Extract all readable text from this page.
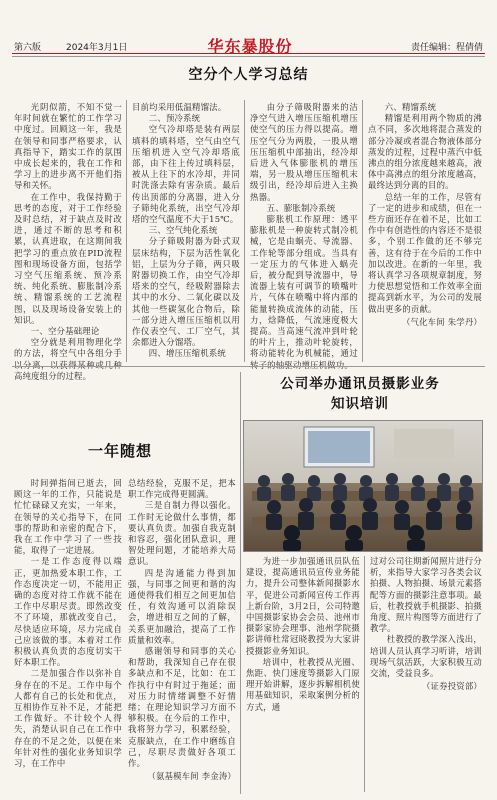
第六版	2024年3月1日	华东暴股份	责任编辑：程倩倩
空分个人学习总结

光阴似箭，不知不觉一年时间就在繁忙的工作学习中度过。回顾这一年，我是在领导和同事严格要求，认真指导下，踏实工作的氛围中成长起来的，我在工作和学习上的进步离不开他们指导和关怀。

在工作中，我保持勤于思考的态度，对于工作经验及时总结，对于缺点及时改进，通过不断的思考和积累，认真进取，在这期间我把学习的重点放在PID流程图和现场设备方面，包括学习空气压缩系统、预冷系统、纯化系统、膨胀制冷系统、精馏系统的工艺流程图，以及现场设备安装上的知识。

一、空分基础理论

空分就是利用物理化学的方法，将空气中各组分手以分离，以获得某种或几种高纯度组分的过程。

目前均采用低温精馏法。

二、预冷系统

空气冷却塔是装有两层填料的填料塔，空气由空气压缩机进入空气冷却塔底部，由下往上传过填料层，被从上往下的水冷却，并同时洗涤去除有害杂质。最后传出顶部的分离器，进入分子筛纯化系统，出空气冷却塔的空气温度不大于15℃。

三、空气纯化系统

分子筛吸附器为卧式双层床结构，下层为活性氧化铝，上层为分子筛，两只吸附器切换工作，由空气冷却塔来的空气，经吸附器除去其中的水分、二氧化碳以及其他一些碳氢化合物后，除一部分进入增压压缩机以用作仪表空气、工厂空气，其余都进入分馏塔。

四、增压压缩机系统

由分子筛吸附器来的洁净空气进入增压压缩机增压使空气的压力得以提高。增压空气分为两股，一股从增压压缩机中部抽出，经冷却后进入气体膨胀机的增压端，另一股从增压压缩机末级引出，经冷却后进入主换热器。

五、膨胀制冷系统

膨胀机工作原理：透平膨胀机是一种旋转式制冷机械，它是由蜗壳、导流器、工作轮等部分组成。当具有一定压力的气体进入蜗壳后，被分配到导流器中，导流器上装有可调节的喷嘴叶片，气体在喷嘴中将内部的能量转换成流体的动能，压力，焓降低，气流速度极大提高。当高速气流冲到叶轮的叶片上，推动叶轮旋转，将动能转化为机械能，通过转子的轴驱动增压机做功。

六、精馏系统

精馏是利用两个物质的沸点不同，多次地将混合蒸发的部分冷凝或者混合物液体部分蒸发的过程，过程中蒸汽中低沸点的组分浓度越来越高，液体中高沸点的组分浓度越高，最终达到分离的目的。

总结一年的工作，尽管有了一定的进步和成绩，但在一些方面还存在着不足，比如工作中有创造性的内容还不是很多，个别工作做的还不够完善，这有待于在今后的工作中加以改进。在新的一年里，我将认真学习各项规章制度，努力使思想觉悟和工作效率全面提高到新水平，为公司的发展做出更多的贡献。

（气化车间 朱学丹）

一年随想

时间弹指间已逝去，回顾这一年的工作，只能说是忙忙碌碌又充实，一年来，在领导的关心指导下，在同事的帮助和亲密的配合下，我在工作中学习了一些技能，取得了一定进展。

一是工作态度得以端正，更加热爱本职工作，工作态度决定一切，不能用正确的态度对待工作就不能在工作中尽职尽责。即然改变不了环境，那就改变自己，尽快适应环境，尽力完成自己应该做的事。本着对工作积极认真负责的态度切实干好本职工作。

二是加强合作以弥补自身存在的不足。工作中每个人都有自己的长处和优点，互相协作互补不足，才能把工作做好。不计较个人得失，消楚认识自己在工作中存在的不足之处，以便在来年针对性的强化业务知识学习，在工作中

总结经验，克服不足，把本职工作完成得更圆满。

三是自制力得以强化。工作时无论做什么事情，都要认真负责。加强自我克制和容忍，强化团队意识，理智处理问题，才能培养大局意识。

四是沟通能力得到加强，与同事之间更和谐的沟通使得我们相互之间更加信任，有效沟通可以消除误会，增进相互之间的了解，关系更加融洽，提高了工作质量和效率。

感谢领导和同事的关心和帮助，我深知自己存在很多缺点和不足，比如：在工作执行中有时过于拖延；面对压力时情绪调整不好情绪；在理论知识学习方面不够积极。在今后的工作中，我将努力学习，积累经验，克服缺点，在工作中磨练自己，尽职尽责做好各项工作。

（氨基模车间 李金涛）

公司举办通讯员摄影业务
知识培训

为进一步加强通讯员队伍建设，提高通讯员宣传业务能力，提升公司整体新闻摄影水平，促进公司新闻宣传工作再上新台阶，3月2日，公司特邀中国摄影家协会会员、池州市摄影家协会理事、池州学院摄影讲师杜常冠晓教授为大家讲授摄影业务知识。

培训中，杜教授从光圈、焦距、快门速度等摄影入门原理开始讲解，逐步拆解相机使用基础知识，采取案例分析的方式，通

过对公司往期新闻照片进行分析，来指导大家学习各类会议拍摄、人物拍摄、场景元素搭配等方面的摄影注意事项。最后，杜教授就手机摄影、拍摄角度、照片构图等方面进行了教学。

杜教授的教学深入浅出，培训人员认真学习听讲，培训现场气氛活跃，大家积极互动交流，受益良多。

（证券投资部）
